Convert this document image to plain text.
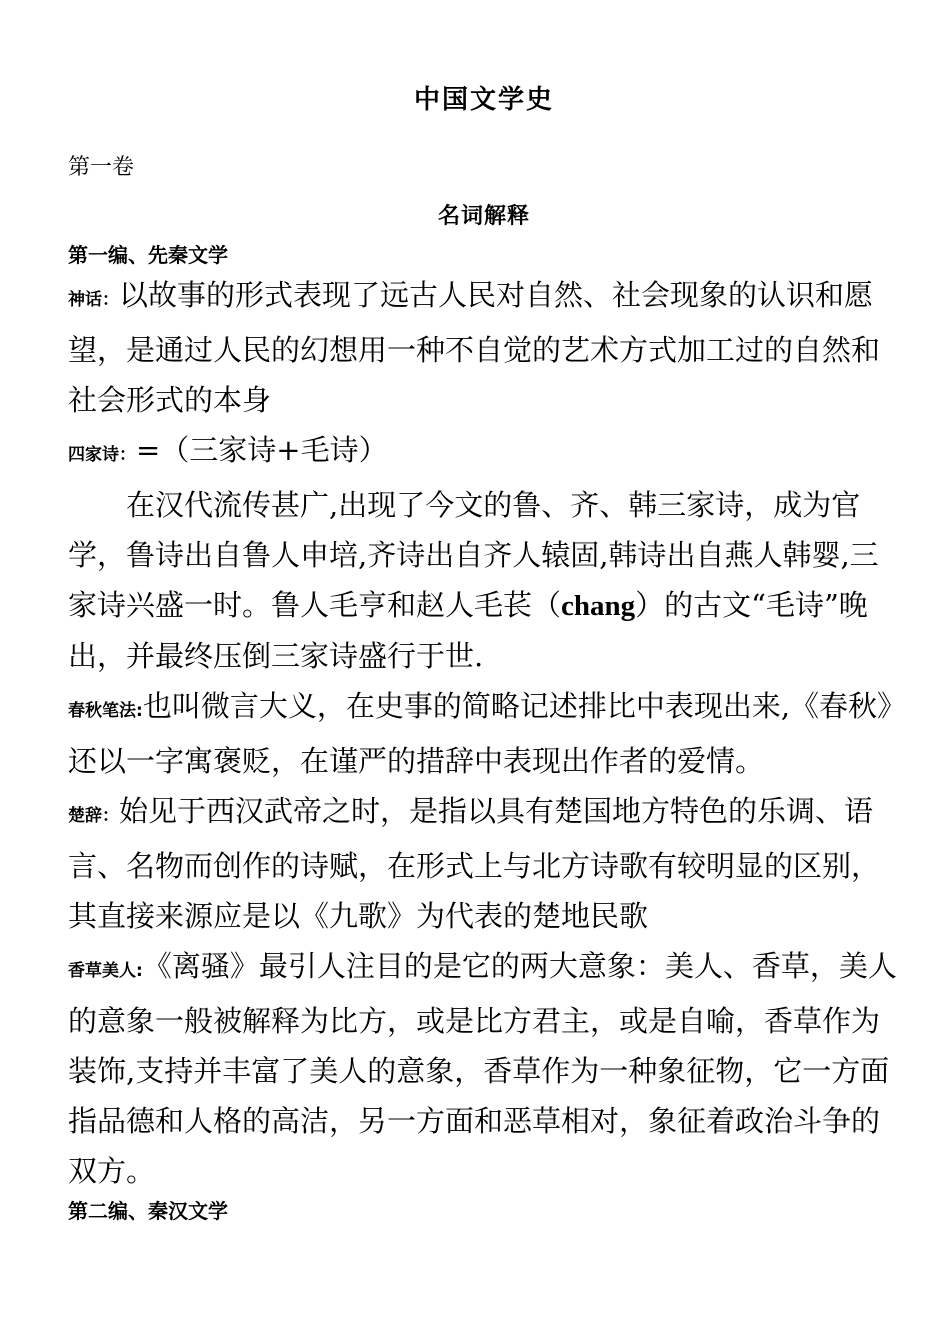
中国文学史
第一卷
名词解释
第一编、先秦文学
神话：以故事的形式表现了远古人民对自然、社会现象的认识和愿望，是通过人民的幻想用一种不自觉的艺术方式加工过的自然和社会形式的本身
四家诗：=（三家诗+毛诗）
在汉代流传甚广,出现了今文的鲁、齐、韩三家诗，成为官学，鲁诗出自鲁人申培,齐诗出自齐人辕固,韩诗出自燕人韩婴,三家诗兴盛一时。鲁人毛亨和赵人毛苌（chang）的古文“毛诗”晚出，并最终压倒三家诗盛行于世.
春秋笔法:也叫微言大义，在史事的简略记述排比中表现出来,《春秋》还以一字寓褒贬，在谨严的措辞中表现出作者的爱情。
楚辞：始见于西汉武帝之时，是指以具有楚国地方特色的乐调、语言、名物而创作的诗赋，在形式上与北方诗歌有较明显的区别，其直接来源应是以《九歌》为代表的楚地民歌
香草美人:《离骚》最引人注目的是它的两大意象：美人、香草，美人的意象一般被解释为比方，或是比方君主，或是自喻，香草作为装饰,支持并丰富了美人的意象，香草作为一种象征物，它一方面指品德和人格的高洁，另一方面和恶草相对，象征着政治斗争的双方。
第二编、秦汉文学
